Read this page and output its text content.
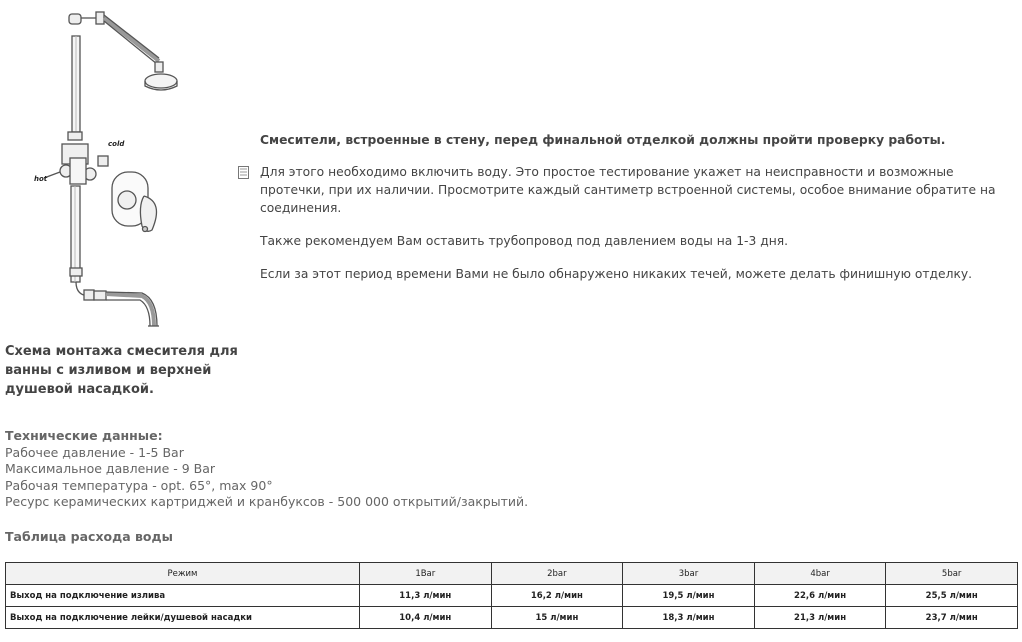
cold
hot
Схема монтажа смесителя для ванны с изливом и верхней душевой насадкой.

Смесители, встроенные в стену, перед финальной отделкой должны пройти проверку работы.

Для этого необходимо включить воду. Это простое тестирование укажет на неисправности и возможные протечки, при их наличии. Просмотрите каждый сантиметр встроенной системы, особое внимание обратите на соединения.

Также рекомендуем Вам оставить трубопровод под давлением воды на 1-3 дня.

Если за этот период времени Вами не было обнаружено никаких течей, можете делать финишную отделку.

Технические данные:
Рабочее давление - 1-5 Bar
Максимальное давление - 9 Bar
Рабочая температура - opt. 65°, max 90°
Ресурс керамических картриджей и кранбуксов - 500 000 открытий/закрытий.
Таблица расхода воды
Режим	1Bar	2bar	3bar	4bar	5bar
Выход на подключение излива	11,3 л/мин	16,2 л/мин	19,5 л/мин	22,6 л/мин	25,5 л/мин
Выход на подключение лейки/душевой насадки	10,4 л/мин	15 л/мин	18,3 л/мин	21,3 л/мин	23,7 л/мин
